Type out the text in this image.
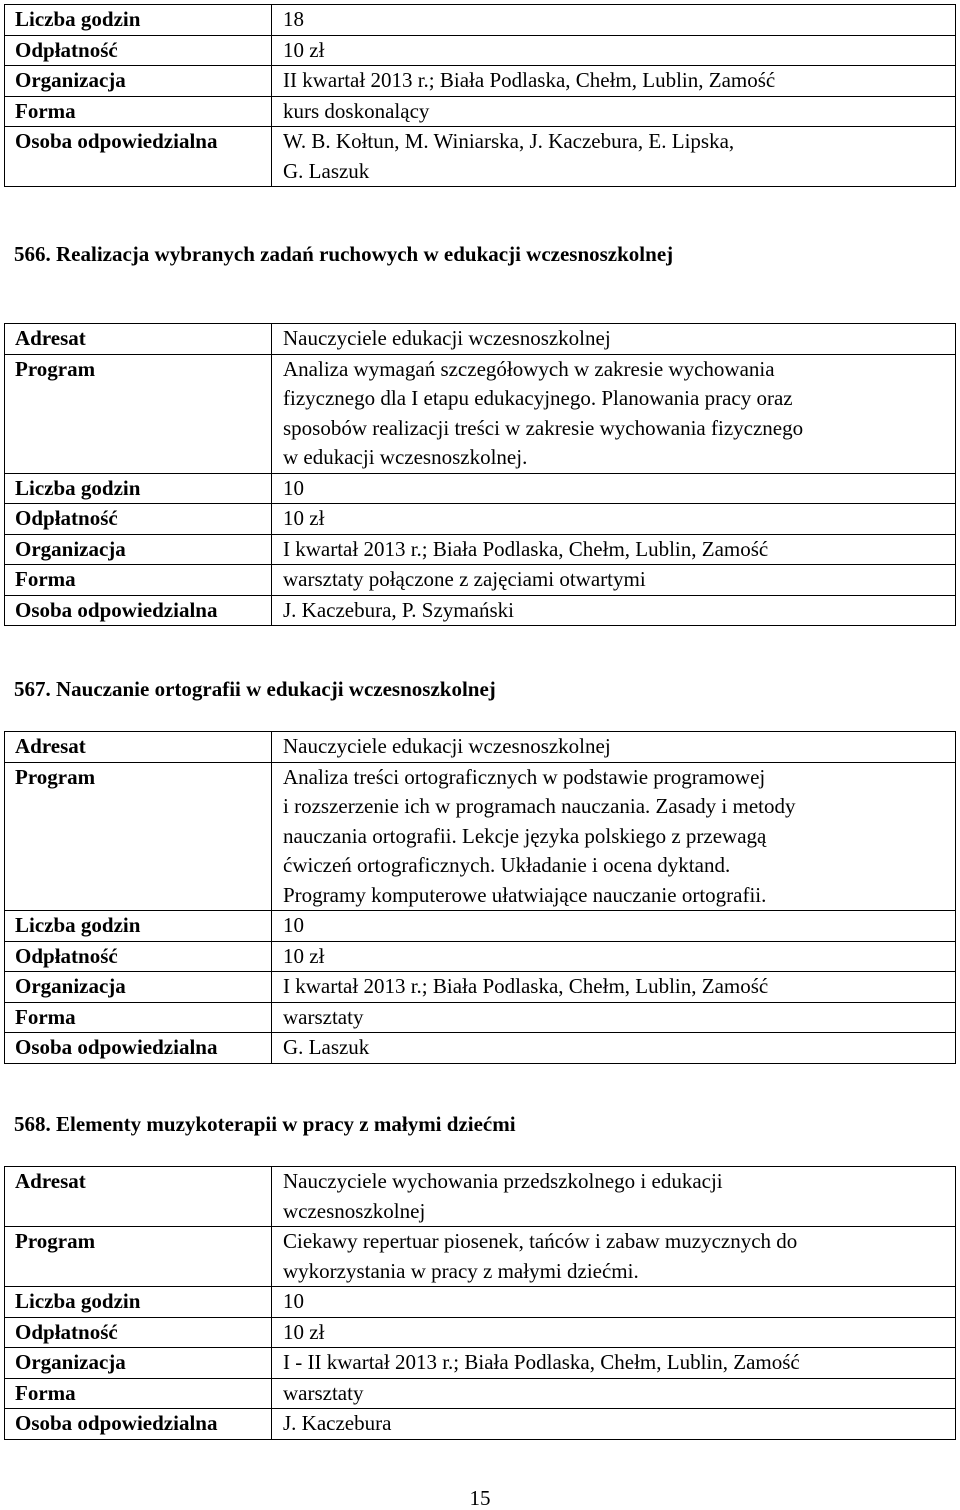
Liczba godzin	18
Odpłatność	10 zł
Organizacja	II kwartał 2013 r.; Biała Podlaska, Chełm, Lublin, Zamość
Forma	kurs doskonalący
Osoba odpowiedzialna	W. B. Kołtun, M. Winiarska, J. Kaczebura, E. Lipska,
G. Laszuk
566. Realizacja wybranych zadań ruchowych w edukacji wczesnoszkolnej
Adresat	Nauczyciele edukacji wczesnoszkolnej
Program	Analiza wymagań szczegółowych w zakresie wychowania
fizycznego dla I etapu edukacyjnego. Planowania pracy oraz
sposobów realizacji treści w zakresie wychowania fizycznego
w edukacji wczesnoszkolnej.

Liczba godzin	10
Odpłatność	10 zł
Organizacja	I kwartał 2013 r.; Biała Podlaska, Chełm, Lublin, Zamość
Forma	warsztaty połączone z zajęciami otwartymi
Osoba odpowiedzialna	J. Kaczebura, P. Szymański
567. Nauczanie ortografii w edukacji wczesnoszkolnej
Adresat	Nauczyciele edukacji wczesnoszkolnej
Program	Analiza treści ortograficznych w podstawie programowej
i rozszerzenie ich w programach nauczania. Zasady i metody
nauczania ortografii. Lekcje języka polskiego z przewagą
ćwiczeń ortograficznych. Układanie i ocena dyktand.
Programy komputerowe ułatwiające nauczanie ortografii.

Liczba godzin	10
Odpłatność	10 zł
Organizacja	I kwartał 2013 r.; Biała Podlaska, Chełm, Lublin, Zamość
Forma	warsztaty
Osoba odpowiedzialna	G. Laszuk
568. Elementy muzykoterapii w pracy z małymi dziećmi
Adresat	Nauczyciele wychowania przedszkolnego i edukacji
wczesnoszkolnej

Program	Ciekawy repertuar piosenek, tańców i zabaw muzycznych do
wykorzystania w pracy z małymi dziećmi.

Liczba godzin	10
Odpłatność	10 zł
Organizacja	I - II kwartał 2013 r.; Biała Podlaska, Chełm, Lublin, Zamość
Forma	warsztaty
Osoba odpowiedzialna	J. Kaczebura
15
